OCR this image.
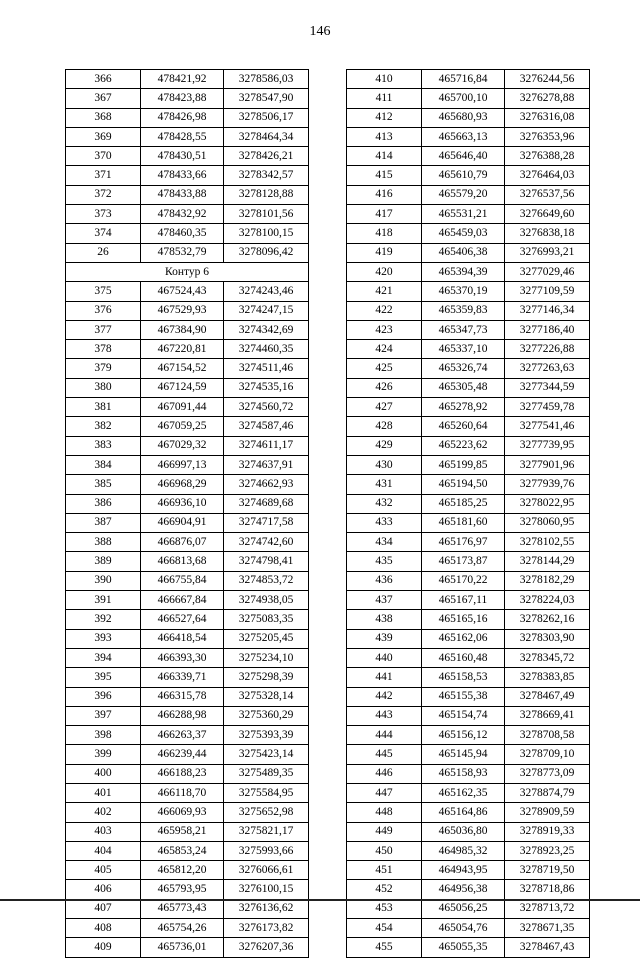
146
366	478421,92	3278586,03
367	478423,88	3278547,90
368	478426,98	3278506,17
369	478428,55	3278464,34
370	478430,51	3278426,21
371	478433,66	3278342,57
372	478433,88	3278128,88
373	478432,92	3278101,56
374	478460,35	3278100,15
26	478532,79	3278096,42
Контур 6		
375	467524,43	3274243,46
376	467529,93	3274247,15
377	467384,90	3274342,69
378	467220,81	3274460,35
379	467154,52	3274511,46
380	467124,59	3274535,16
381	467091,44	3274560,72
382	467059,25	3274587,46
383	467029,32	3274611,17
384	466997,13	3274637,91
385	466968,29	3274662,93
386	466936,10	3274689,68
387	466904,91	3274717,58
388	466876,07	3274742,60
389	466813,68	3274798,41
390	466755,84	3274853,72
391	466667,84	3274938,05
392	466527,64	3275083,35
393	466418,54	3275205,45
394	466393,30	3275234,10
395	466339,71	3275298,39
396	466315,78	3275328,14
397	466288,98	3275360,29
398	466263,37	3275393,39
399	466239,44	3275423,14
400	466188,23	3275489,35
401	466118,70	3275584,95
402	466069,93	3275652,98
403	465958,21	3275821,17
404	465853,24	3275993,66
405	465812,20	3276066,61
406	465793,95	3276100,15
407	465773,43	3276136,62
408	465754,26	3276173,82
409	465736,01	3276207,36
410	465716,84	3276244,56
411	465700,10	3276278,88
412	465680,93	3276316,08
413	465663,13	3276353,96
414	465646,40	3276388,28
415	465610,79	3276464,03
416	465579,20	3276537,56
417	465531,21	3276649,60
418	465459,03	3276838,18
419	465406,38	3276993,21
420	465394,39	3277029,46
421	465370,19	3277109,59
422	465359,83	3277146,34
423	465347,73	3277186,40
424	465337,10	3277226,88
425	465326,74	3277263,63
426	465305,48	3277344,59
427	465278,92	3277459,78
428	465260,64	3277541,46
429	465223,62	3277739,95
430	465199,85	3277901,96
431	465194,50	3277939,76
432	465185,25	3278022,95
433	465181,60	3278060,95
434	465176,97	3278102,55
435	465173,87	3278144,29
436	465170,22	3278182,29
437	465167,11	3278224,03
438	465165,16	3278262,16
439	465162,06	3278303,90
440	465160,48	3278345,72
441	465158,53	3278383,85
442	465155,38	3278467,49
443	465154,74	3278669,41
444	465156,12	3278708,58
445	465145,94	3278709,10
446	465158,93	3278773,09
447	465162,35	3278874,79
448	465164,86	3278909,59
449	465036,80	3278919,33
450	464985,32	3278923,25
451	464943,95	3278719,50
452	464956,38	3278718,86
453	465056,25	3278713,72
454	465054,76	3278671,35
455	465055,35	3278467,43
